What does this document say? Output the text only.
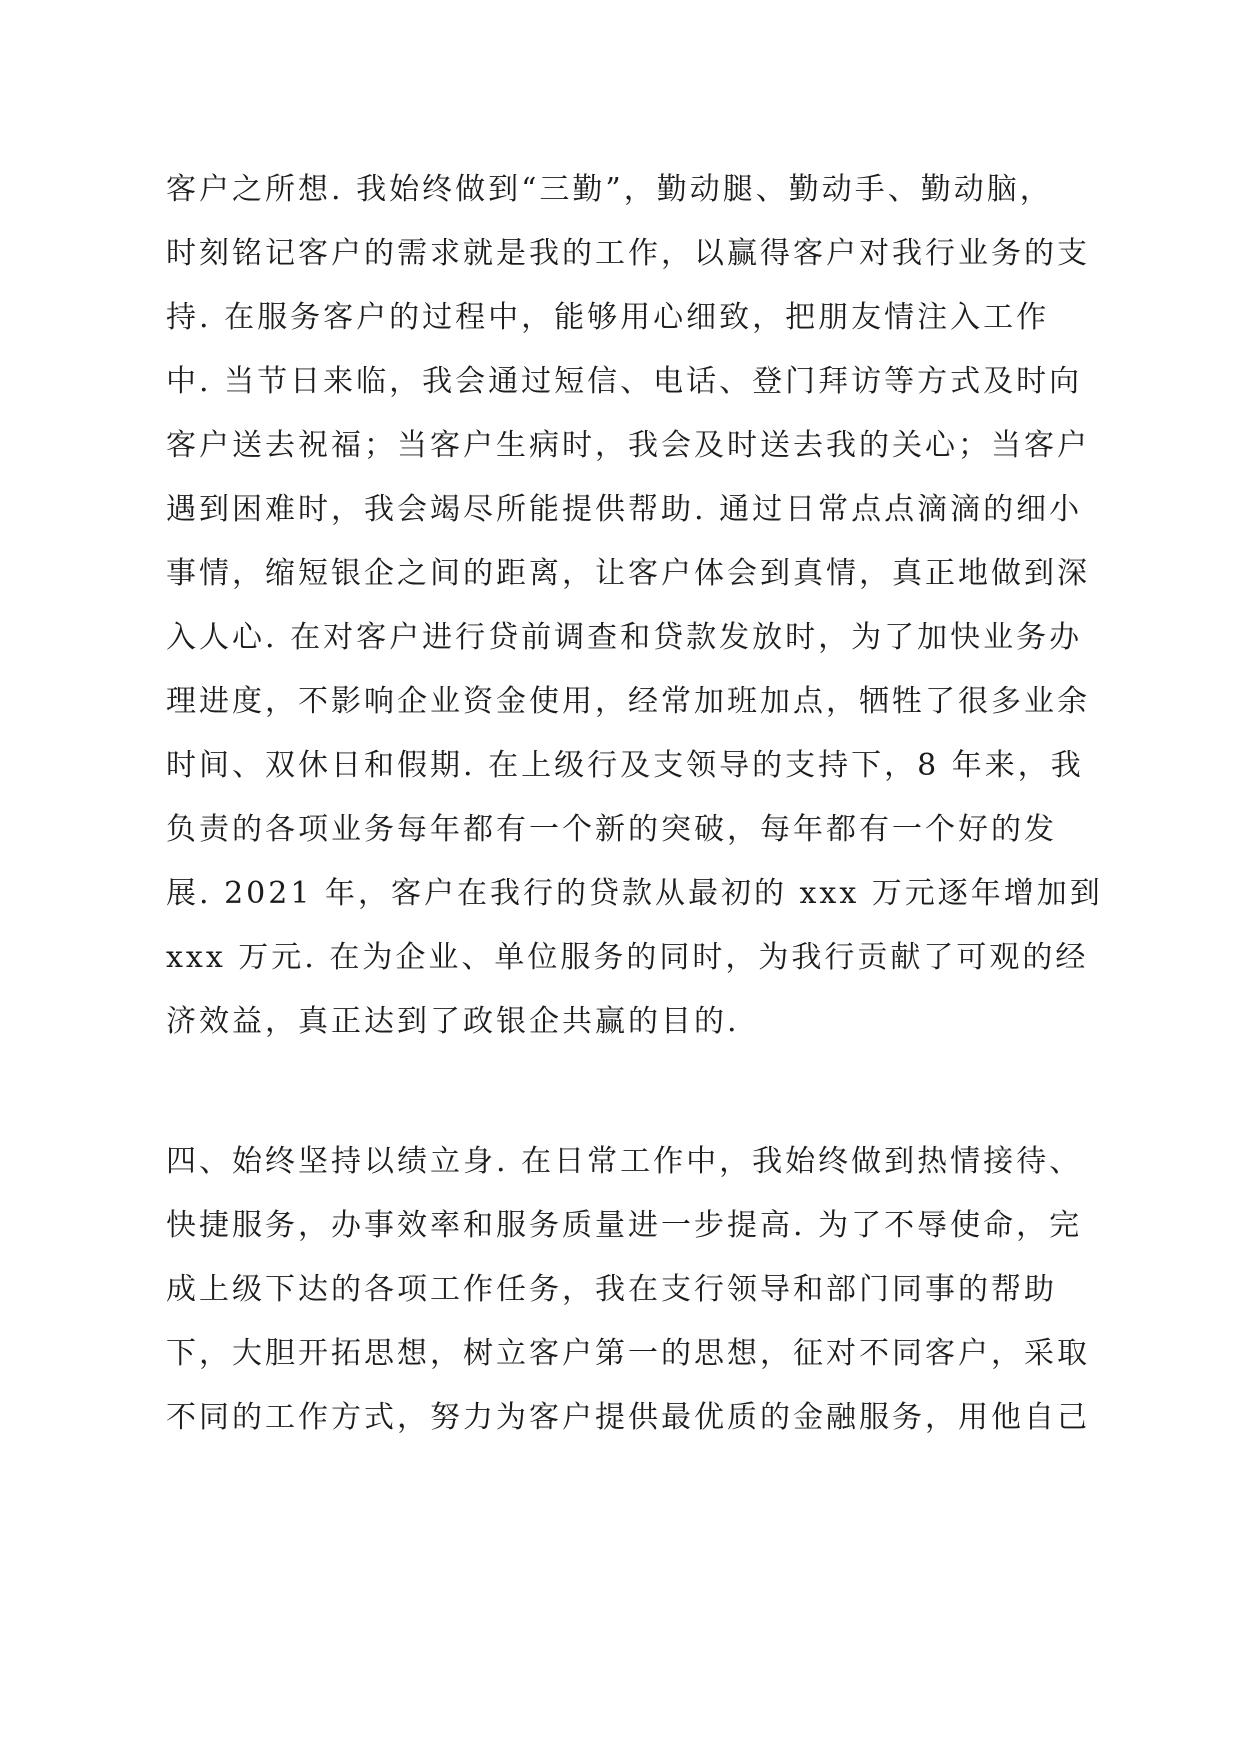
客户之所想. 我始终做到“三勤”，勤动腿、勤动手、勤动脑，
时刻铭记客户的需求就是我的工作，以赢得客户对我行业务的支
持. 在服务客户的过程中，能够用心细致，把朋友情注入工作
中. 当节日来临，我会通过短信、电话、登门拜访等方式及时向
客户送去祝福；当客户生病时，我会及时送去我的关心；当客户
遇到困难时，我会竭尽所能提供帮助. 通过日常点点滴滴的细小
事情，缩短银企之间的距离，让客户体会到真情，真正地做到深
入人心. 在对客户进行贷前调查和贷款发放时，为了加快业务办
理进度，不影响企业资金使用，经常加班加点，牺牲了很多业余
时间、双休日和假期. 在上级行及支领导的支持下，8 年来，我
负责的各项业务每年都有一个新的突破，每年都有一个好的发
展. 2021 年，客户在我行的贷款从最初的 xxx 万元逐年增加到
xxx 万元. 在为企业、单位服务的同时，为我行贡献了可观的经
济效益，真正达到了政银企共赢的目的.
四、始终坚持以绩立身. 在日常工作中，我始终做到热情接待、
快捷服务，办事效率和服务质量进一步提高. 为了不辱使命，完
成上级下达的各项工作任务，我在支行领导和部门同事的帮助
下，大胆开拓思想，树立客户第一的思想，征对不同客户，采取
不同的工作方式，努力为客户提供最优质的金融服务，用他自己
